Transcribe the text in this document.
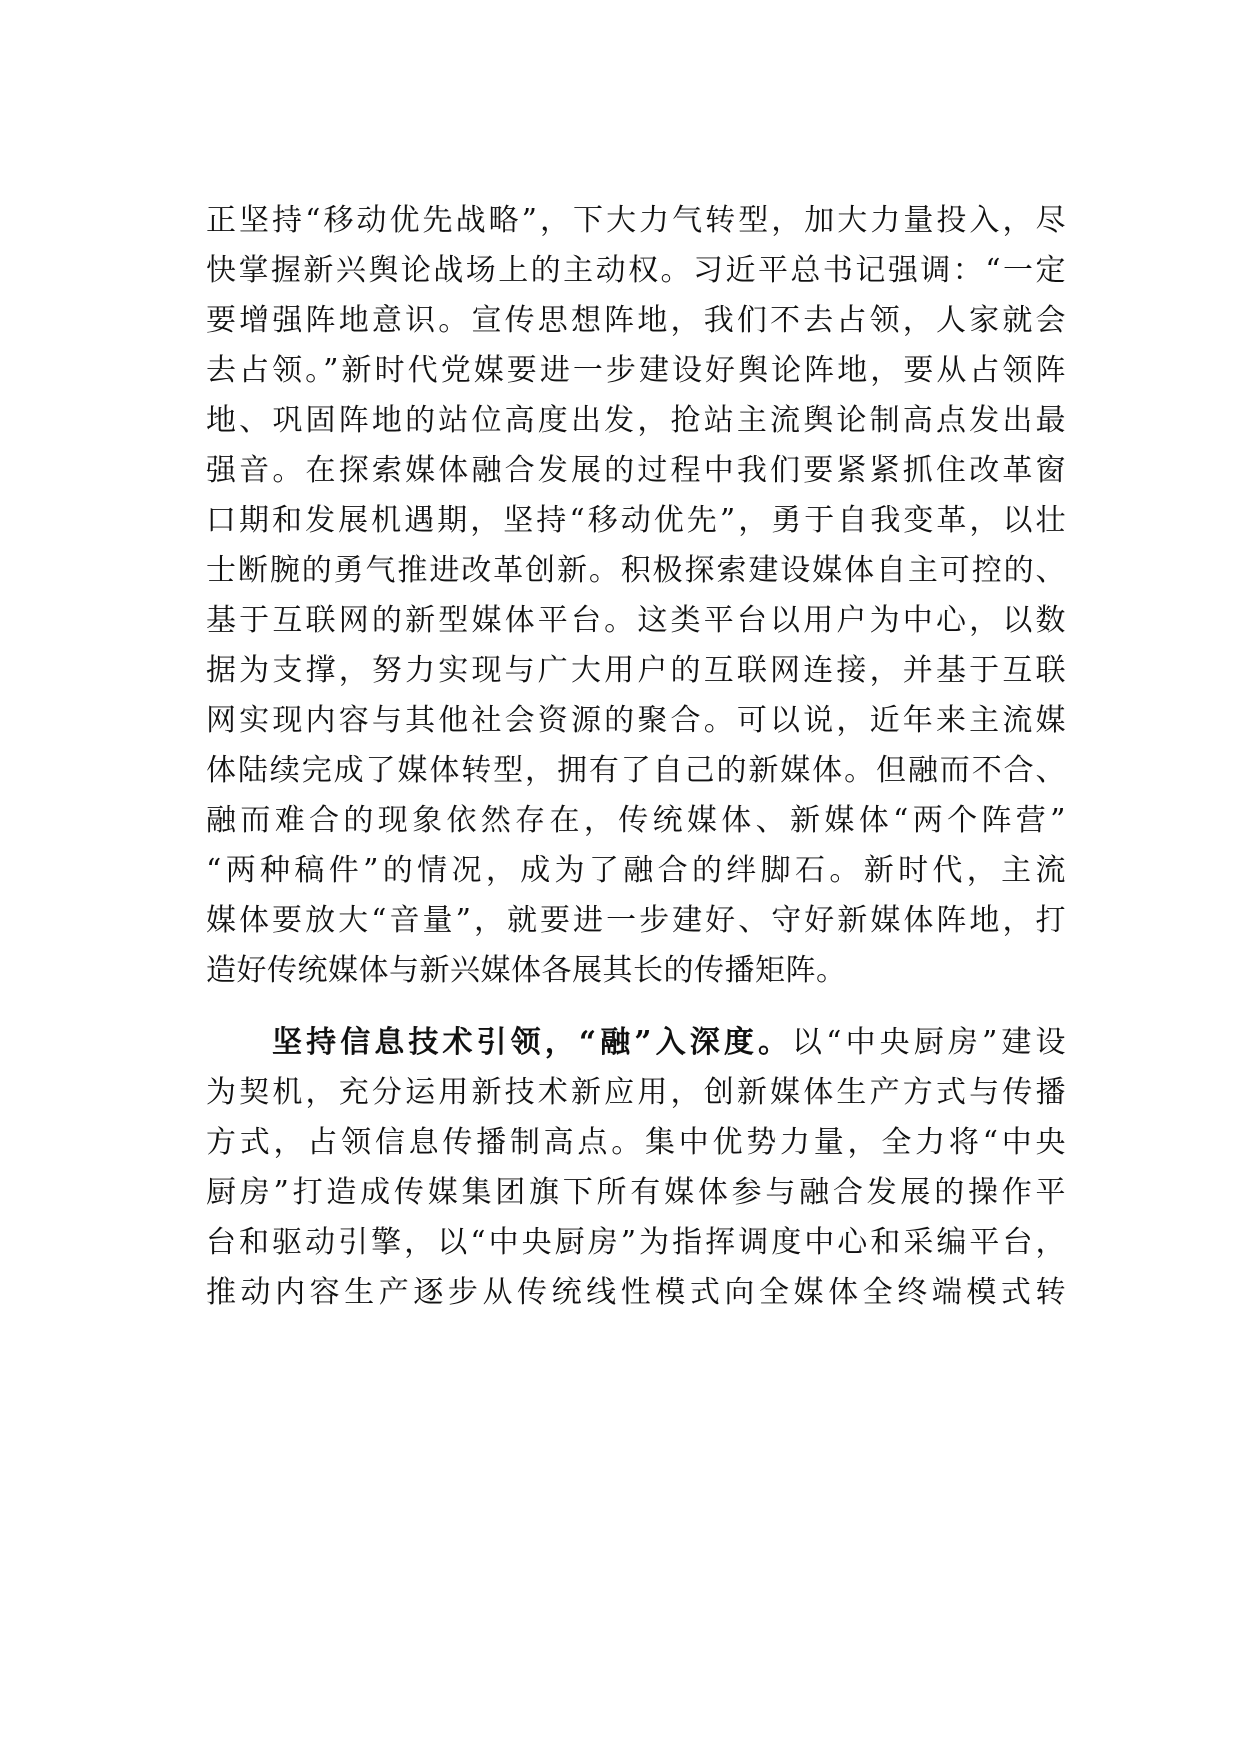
正坚持“移动优先战略”，下大力气转型，加大力量投入，尽
快掌握新兴舆论战场上的主动权。习近平总书记强调：“一定
要增强阵地意识。宣传思想阵地，我们不去占领，人家就会
去占领。”新时代党媒要进一步建设好舆论阵地，要从占领阵
地、巩固阵地的站位高度出发，抢站主流舆论制高点发出最
强音。在探索媒体融合发展的过程中我们要紧紧抓住改革窗
口期和发展机遇期，坚持“移动优先”，勇于自我变革，以壮
士断腕的勇气推进改革创新。积极探索建设媒体自主可控的、
基于互联网的新型媒体平台。这类平台以用户为中心，以数
据为支撑，努力实现与广大用户的互联网连接，并基于互联
网实现内容与其他社会资源的聚合。可以说，近年来主流媒
体陆续完成了媒体转型，拥有了自己的新媒体。但融而不合、
融而难合的现象依然存在，传统媒体、新媒体“两个阵营”
“两种稿件”的情况，成为了融合的绊脚石。新时代，主流
媒体要放大“音量”，就要进一步建好、守好新媒体阵地，打
造好传统媒体与新兴媒体各展其长的传播矩阵。
坚持信息技术引领，“融”入深度。以“中央厨房”建设
为契机，充分运用新技术新应用，创新媒体生产方式与传播
方式，占领信息传播制高点。集中优势力量，全力将“中央
厨房”打造成传媒集团旗下所有媒体参与融合发展的操作平
台和驱动引擎，以“中央厨房”为指挥调度中心和采编平台，
推动内容生产逐步从传统线性模式向全媒体全终端模式转
